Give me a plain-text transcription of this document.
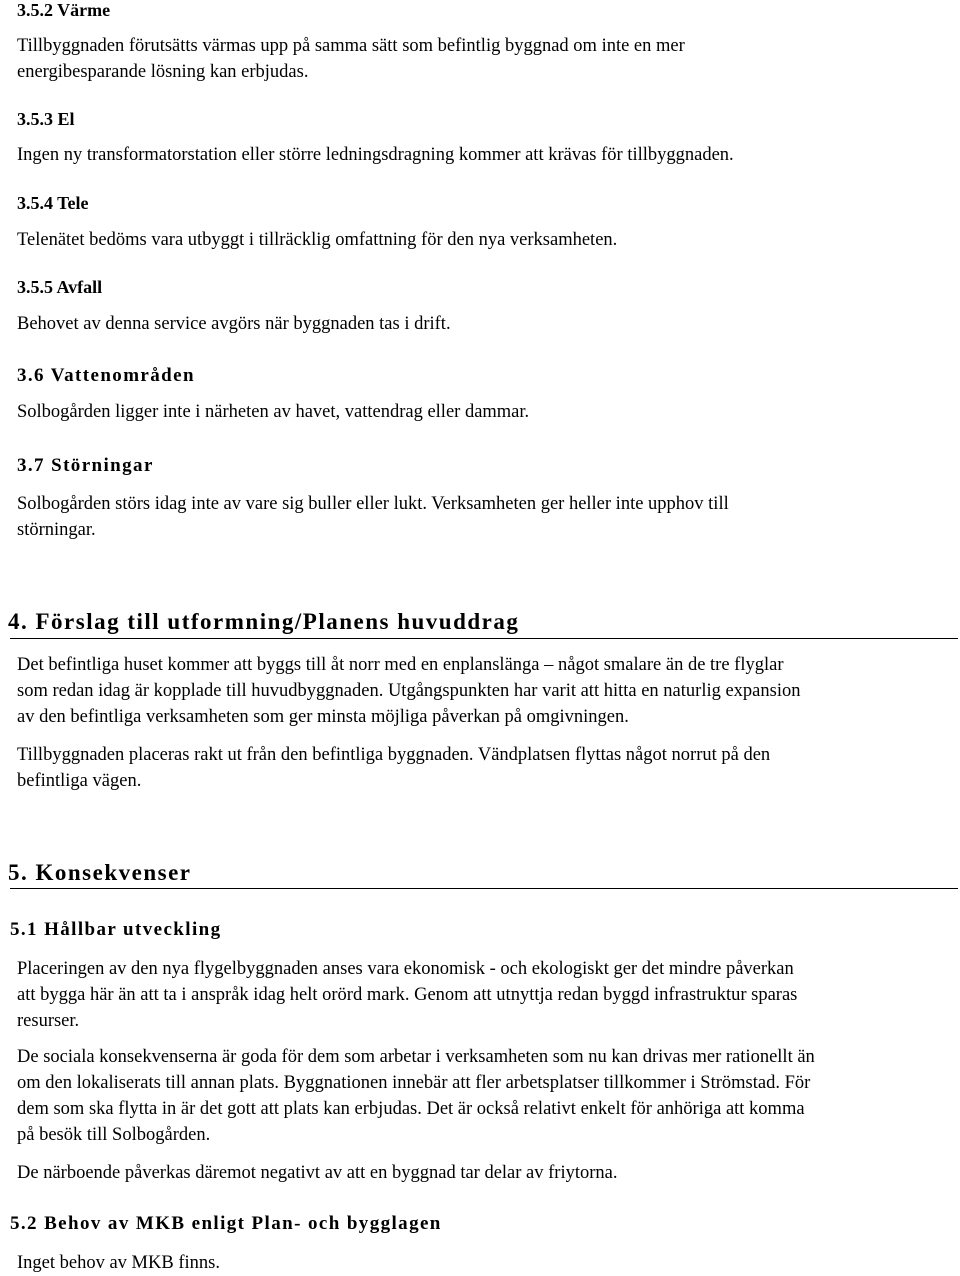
3.5.2 Värme
Tillbyggnaden förutsätts värmas upp på samma sätt som befintlig byggnad om inte en mer
energibesparande lösning kan erbjudas.
3.5.3 El
Ingen ny transformatorstation eller större ledningsdragning kommer att krävas för tillbyggnaden.
3.5.4 Tele
Telenätet bedöms vara utbyggt i tillräcklig omfattning för den nya verksamheten.
3.5.5 Avfall
Behovet av denna service avgörs när byggnaden tas i drift.
3.6 Vattenområden
Solbogården ligger inte i närheten av havet, vattendrag eller dammar.
3.7 Störningar
Solbogården störs idag inte av vare sig buller eller lukt. Verksamheten ger heller inte upphov till
störningar.
4. Förslag till utformning/Planens huvuddrag
Det befintliga huset kommer att byggs till åt norr med en enplanslänga – något smalare än de tre flyglar
som redan idag är kopplade till huvudbyggnaden. Utgångspunkten har varit att hitta en naturlig expansion
av den befintliga verksamheten som ger minsta möjliga påverkan på omgivningen.
Tillbyggnaden placeras rakt ut från den befintliga byggnaden. Vändplatsen flyttas något norrut på den
befintliga vägen.
5. Konsekvenser
5.1 Hållbar utveckling
Placeringen av den nya flygelbyggnaden anses vara ekonomisk - och ekologiskt ger det mindre påverkan
att bygga här än att ta i anspråk idag helt orörd mark. Genom att utnyttja redan byggd infrastruktur sparas
resurser.
De sociala konsekvenserna är goda för dem som arbetar i verksamheten som nu kan drivas mer rationellt än
om den lokaliserats till annan plats. Byggnationen innebär att fler arbetsplatser tillkommer i Strömstad. För
dem som ska flytta in är det gott att plats kan erbjudas. Det är också relativt enkelt för anhöriga att komma
på besök till Solbogården.
De närboende påverkas däremot negativt av att en byggnad tar delar av friytorna.
5.2 Behov av MKB enligt Plan- och bygglagen
Inget behov av MKB finns.
